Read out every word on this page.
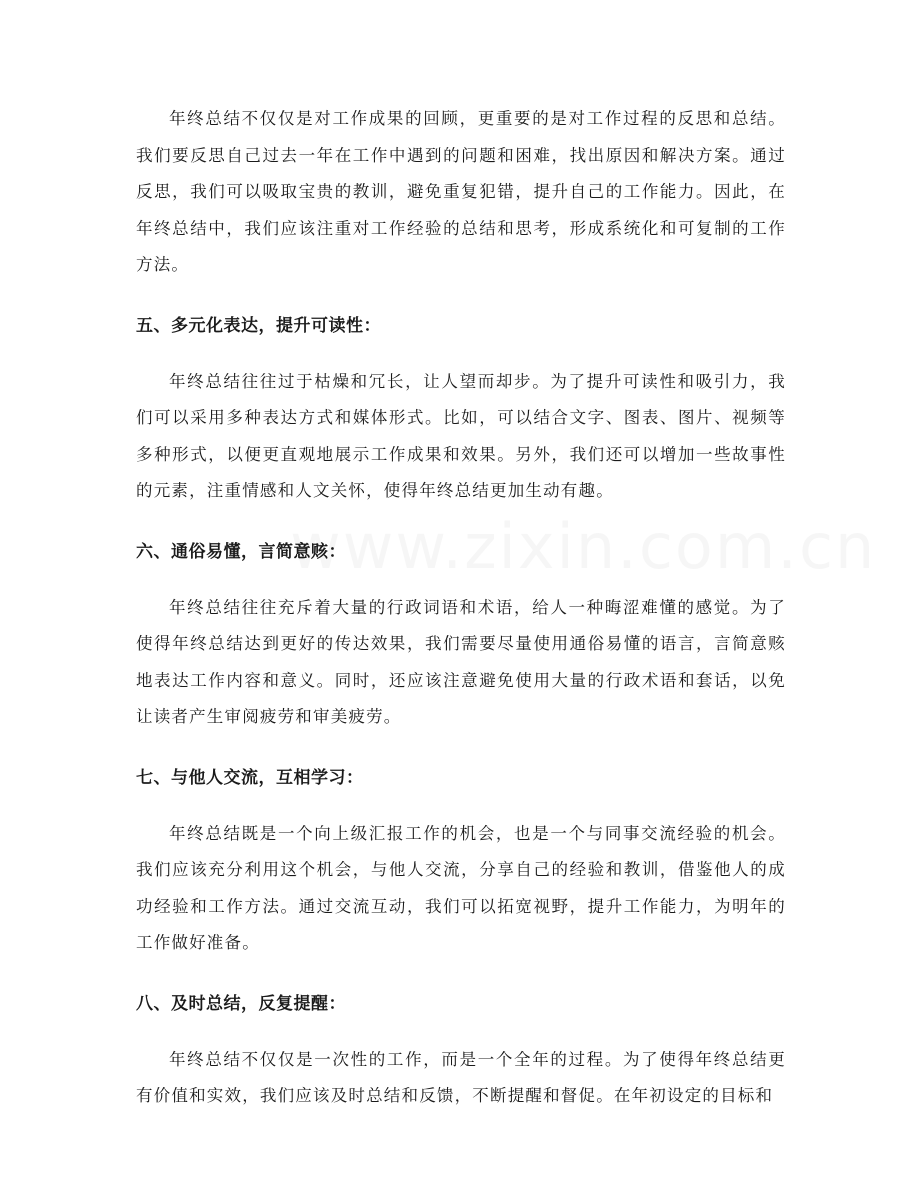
年终总结不仅仅是对工作成果的回顾，更重要的是对工作过程的反思和总结。我们要反思自己过去一年在工作中遇到的问题和困难，找出原因和解决方案。通过反思，我们可以吸取宝贵的教训，避免重复犯错，提升自己的工作能力。因此，在年终总结中，我们应该注重对工作经验的总结和思考，形成系统化和可复制的工作方法。

五、多元化表达，提升可读性：

年终总结往往过于枯燥和冗长，让人望而却步。为了提升可读性和吸引力，我们可以采用多种表达方式和媒体形式。比如，可以结合文字、图表、图片、视频等多种形式，以便更直观地展示工作成果和效果。另外，我们还可以增加一些故事性的元素，注重情感和人文关怀，使得年终总结更加生动有趣。

六、通俗易懂，言简意赅：

年终总结往往充斥着大量的行政词语和术语，给人一种晦涩难懂的感觉。为了使得年终总结达到更好的传达效果，我们需要尽量使用通俗易懂的语言，言简意赅地表达工作内容和意义。同时，还应该注意避免使用大量的行政术语和套话，以免让读者产生审阅疲劳和审美疲劳。

七、与他人交流，互相学习：

年终总结既是一个向上级汇报工作的机会，也是一个与同事交流经验的机会。我们应该充分利用这个机会，与他人交流，分享自己的经验和教训，借鉴他人的成功经验和工作方法。通过交流互动，我们可以拓宽视野，提升工作能力，为明年的工作做好准备。

八、及时总结，反复提醒：

年终总结不仅仅是一次性的工作，而是一个全年的过程。为了使得年终总结更有价值和实效，我们应该及时总结和反馈，不断提醒和督促。在年初设定的目标和
